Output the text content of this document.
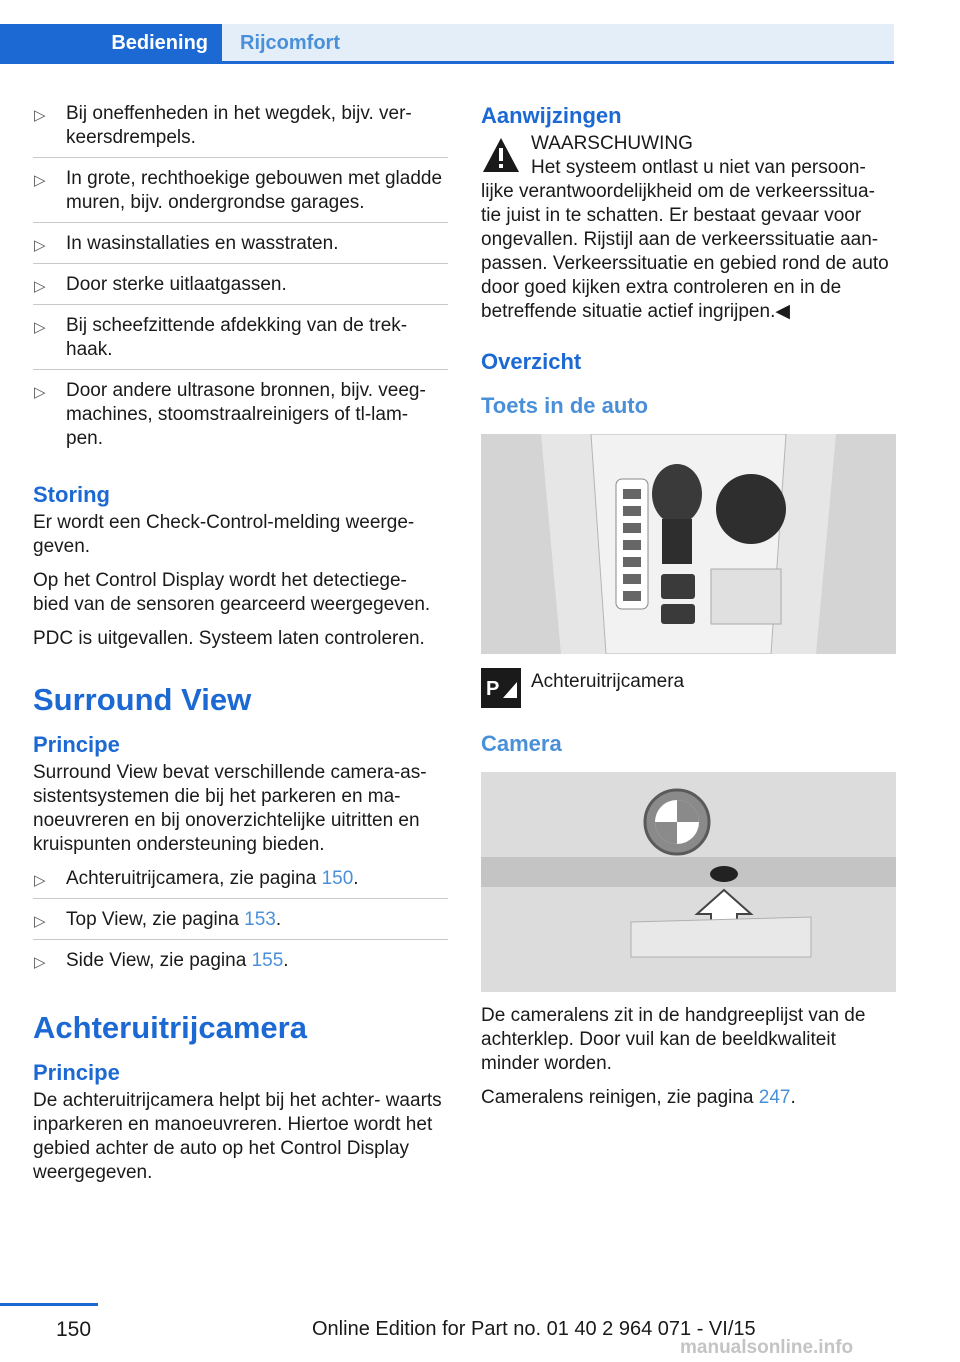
Bediening	Rijcomfort
▷ Bij oneffenheden in het wegdek, bijv. ver‐ keersdrempels.
▷ In grote, rechthoekige gebouwen met gladde muren, bijv. ondergrondse garages.
▷ In wasinstallaties en wasstraten.
▷ Door sterke uitlaatgassen.
▷ Bij scheefzittende afdekking van de trek‐ haak.
▷ Door andere ultrasone bronnen, bijv. veeg‐ machines, stoomstraalreinigers of tl-lam‐ pen.
Storing

Er wordt een Check-Control-melding weerge‐ geven.

Op het Control Display wordt het detectiege‐ bied van de sensoren gearceerd weergegeven.

PDC is uitgevallen. Systeem laten controleren.

Surround View
Principe

Surround View bevat verschillende camera-as‐ sistentsystemen die bij het parkeren en ma‐ noeuvreren en bij onoverzichtelijke uitritten en kruispunten ondersteuning bieden.

▷ Achteruitrijcamera, zie pagina 150.
▷ Top View, zie pagina 153.
▷ Side View, zie pagina 155.
Achteruitrijcamera
Principe

De achteruitrijcamera helpt bij het achter‐ waarts inparkeren en manoeuvreren. Hiertoe wordt het gebied achter de auto op het Control Display weergegeven.

Aanwijzingen
WAARSCHUWING

Het systeem ontlast u niet van persoon‐ lijke verantwoordelijkheid om de verkeerssitua‐ tie juist in te schatten. Er bestaat gevaar voor ongevallen. Rijstijl aan de verkeerssituatie aan‐ passen. Verkeerssituatie en gebied rond de auto door goed kijken extra controleren en in de betreffende situatie actief ingrijpen.◀

Overzicht
Toets in de auto
P Achteruitrijcamera
Camera

De cameralens zit in de handgreeplijst van de achterklep. Door vuil kan de beeldkwaliteit minder worden.

Cameralens reinigen, zie pagina 247.

150	Online Edition for Part no. 01 40 2 964 071 - VI/15
manualsonline.info
